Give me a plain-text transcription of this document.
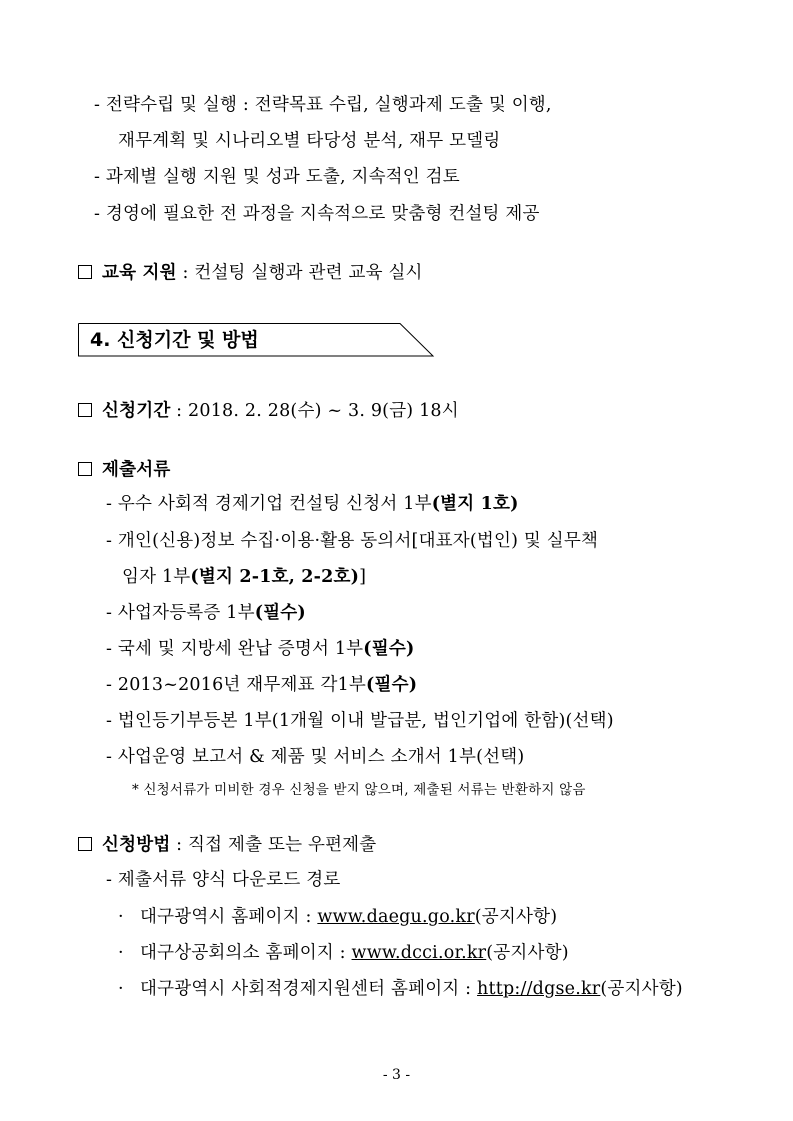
- 전략수립 및 실행 : 전략목표 수립, 실행과제 도출 및 이행,
재무계획 및 시나리오별 타당성 분석, 재무 모델링
- 과제별 실행 지원 및 성과 도출, 지속적인 검토
- 경영에 필요한 전 과정을 지속적으로 맞춤형 컨설팅 제공
교육 지원 : 컨설팅 실행과 관련 교육 실시
4. 신청기간 및 방법
신청기간 : 2018. 2. 28(수) ~ 3. 9(금) 18시
제출서류
- 우수 사회적 경제기업 컨설팅 신청서 1부(별지 1호)
- 개인(신용)정보 수집·이용·활용 동의서[대표자(법인) 및 실무책
임자 1부(별지 2-1호, 2-2호)]
- 사업자등록증 1부(필수)
- 국세 및 지방세 완납 증명서 1부(필수)
- 2013~2016년 재무제표 각1부(필수)
- 법인등기부등본 1부(1개월 이내 발급분, 법인기업에 한함)(선택)
- 사업운영 보고서 & 제품 및 서비스 소개서 1부(선택)
* 신청서류가 미비한 경우 신청을 받지 않으며, 제출된 서류는 반환하지 않음
신청방법 : 직접 제출 또는 우편제출
- 제출서류 양식 다운로드 경로
· 대구광역시 홈페이지 : www.daegu.go.kr(공지사항)
· 대구상공회의소 홈페이지 : www.dcci.or.kr(공지사항)
· 대구광역시 사회적경제지원센터 홈페이지 : http://dgse.kr(공지사항)
- 3 -
